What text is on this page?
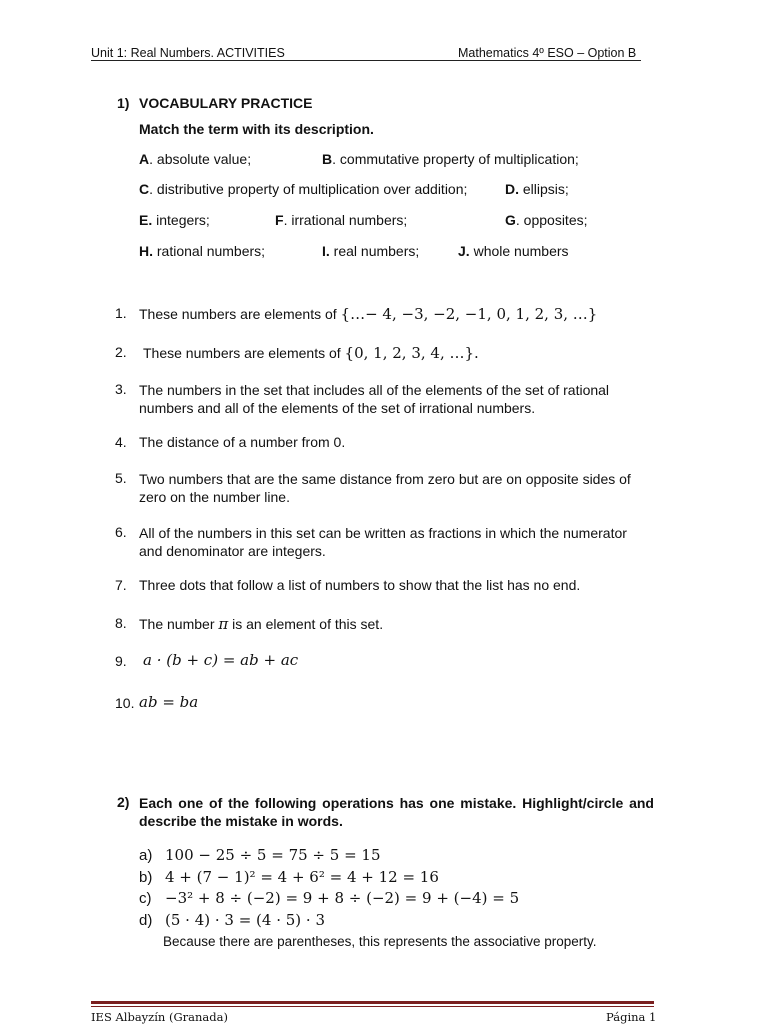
Unit 1: Real Numbers. ACTIVITIES	Mathematics 4º ESO – Option B
1) VOCABULARY PRACTICE
Match the term with its description.
A. absolute value;	B. commutative property of multiplication;
C. distributive property of multiplication over addition;	D. ellipsis;
E. integers;	F. irrational numbers;	G. opposites;
H. rational numbers;	I. real numbers;	J. whole numbers
1. These numbers are elements of {…− 4, −3, −2, −1, 0, 1, 2, 3, …}
2. These numbers are elements of {0, 1, 2, 3, 4, …}.
3. The numbers in the set that includes all of the elements of the set of rational numbers and all of the elements of the set of irrational numbers.
4. The distance of a number from 0.
5. Two numbers that are the same distance from zero but are on opposite sides of zero on the number line.
6. All of the numbers in this set can be written as fractions in which the numerator and denominator are integers.
7. Three dots that follow a list of numbers to show that the list has no end.
8. The number π is an element of this set.
9. a · (b + c) = ab + ac
10. ab = ba
2) Each one of the following operations has one mistake. Highlight/circle and describe the mistake in words.
a) 100 − 25 ÷ 5 = 75 ÷ 5 = 15
b) 4 + (7 − 1)² = 4 + 6² = 4 + 12 = 16
c) −3² + 8 ÷ (−2) = 9 + 8 ÷ (−2) = 9 + (−4) = 5
d) (5 · 4) · 3 = (4 · 5) · 3
Because there are parentheses, this represents the associative property.
IES Albayzín (Granada)	Página 1
